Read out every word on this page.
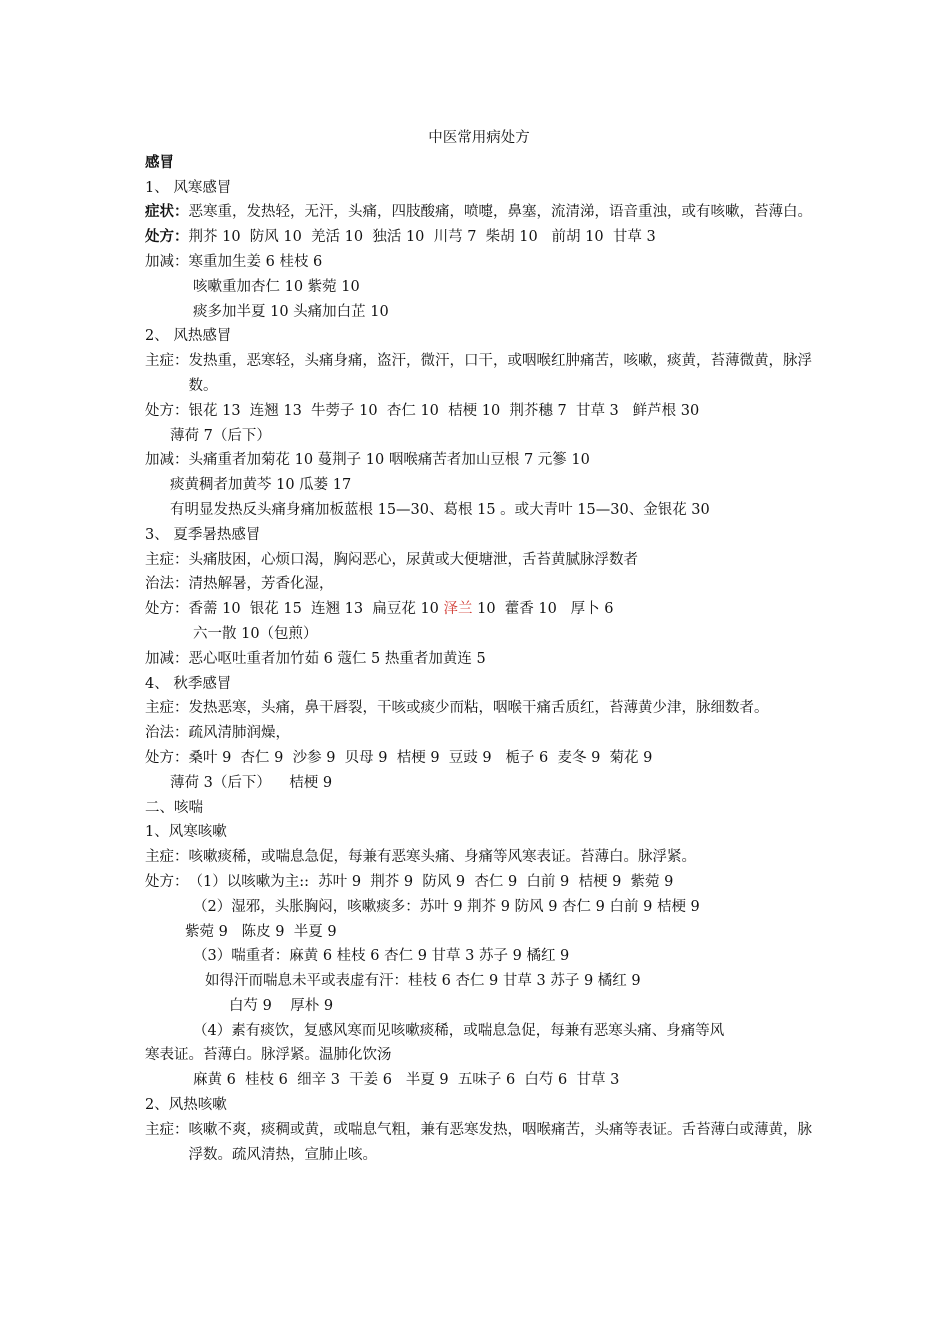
中医常用病处方
感冒
1、 风寒感冒
症状： 恶寒重，发热轻，无汗，头痛，四肢酸痛，喷嚏，鼻塞，流清涕，语音重浊，或有咳嗽，苔薄白。
处方： 荆芥 10  防风 10  羌活 10  独活 10  川芎 7  柴胡 10   前胡 10  甘草 3
加减： 寒重加生姜 6 桂枝 6
咳嗽重加杏仁 10 紫菀 10
痰多加半夏 10 头痛加白芷 10
2、 风热感冒
主症： 发热重，恶寒轻，头痛身痛，盗汗，微汗，口干，或咽喉红肿痛苦，咳嗽，痰黄，苔薄微黄，脉浮数。
处方： 银花 13  连翘 13  牛蒡子 10  杏仁 10  桔梗 10  荆芥穗 7  甘草 3   鲜芦根 30
薄荷 7（后下）
加减： 头痛重者加菊花 10 蔓荆子 10 咽喉痛苦者加山豆根 7 元篸 10
痰黄稠者加黄芩 10 瓜蒌 17
有明显发热反头痛身痛加板蓝根 15—30、葛根 15 。或大青叶 15—30、金银花 30
3、 夏季暑热感冒
主症： 头痛肢困，心烦口渴，胸闷恶心，尿黄或大便塘泄，舌苔黄腻脉浮数者
治法： 清热解暑，芳香化湿，
处方： 香薷 10  银花 15  连翘 13  扁豆花 10 泽兰 10  藿香 10   厚卜 6
六一散 10（包煎）
加减： 恶心呕吐重者加竹茹 6 蔻仁 5 热重者加黄连 5
4、 秋季感冒
主症： 发热恶寒，头痛，鼻干唇裂，干咳或痰少而粘，咽喉干痛舌质红，苔薄黄少津，脉细数者。
治法： 疏风清肺润燥，
处方： 桑叶 9  杏仁 9  沙参 9  贝母 9  桔梗 9  豆豉 9   栀子 6  麦冬 9  菊花 9
薄荷 3（后下）    桔梗 9
二、咳喘
1、风寒咳嗽
主症： 咳嗽痰稀，或喘息急促，每兼有恶寒头痛、身痛等风寒表证。苔薄白。脉浮紧。
处方： （1）以咳嗽为主::  苏叶 9  荆芥 9  防风 9  杏仁 9  白前 9  桔梗 9  紫菀 9
（2）湿邪，头胀胸闷，咳嗽痰多：苏叶 9 荆芥 9 防风 9 杏仁 9 白前 9 桔梗 9
紫菀 9   陈皮 9  半夏 9
（3）喘重者：麻黄 6 桂枝 6 杏仁 9 甘草 3 苏子 9 橘红 9
如得汗而喘息未平或表虚有汗：桂枝 6 杏仁 9 甘草 3 苏子 9 橘红 9
白芍 9    厚朴 9
（4）素有痰饮，复感风寒而见咳嗽痰稀，或喘息急促，每兼有恶寒头痛、身痛等风
寒表证。苔薄白。脉浮紧。温肺化饮汤
麻黄 6  桂枝 6  细辛 3  干姜 6   半夏 9  五味子 6  白芍 6  甘草 3
2、风热咳嗽
主症： 咳嗽不爽，痰稠或黄，或喘息气粗，兼有恶寒发热，咽喉痛苦，头痛等表证。舌苔薄白或薄黄，脉浮数。疏风清热，宣肺止咳。
